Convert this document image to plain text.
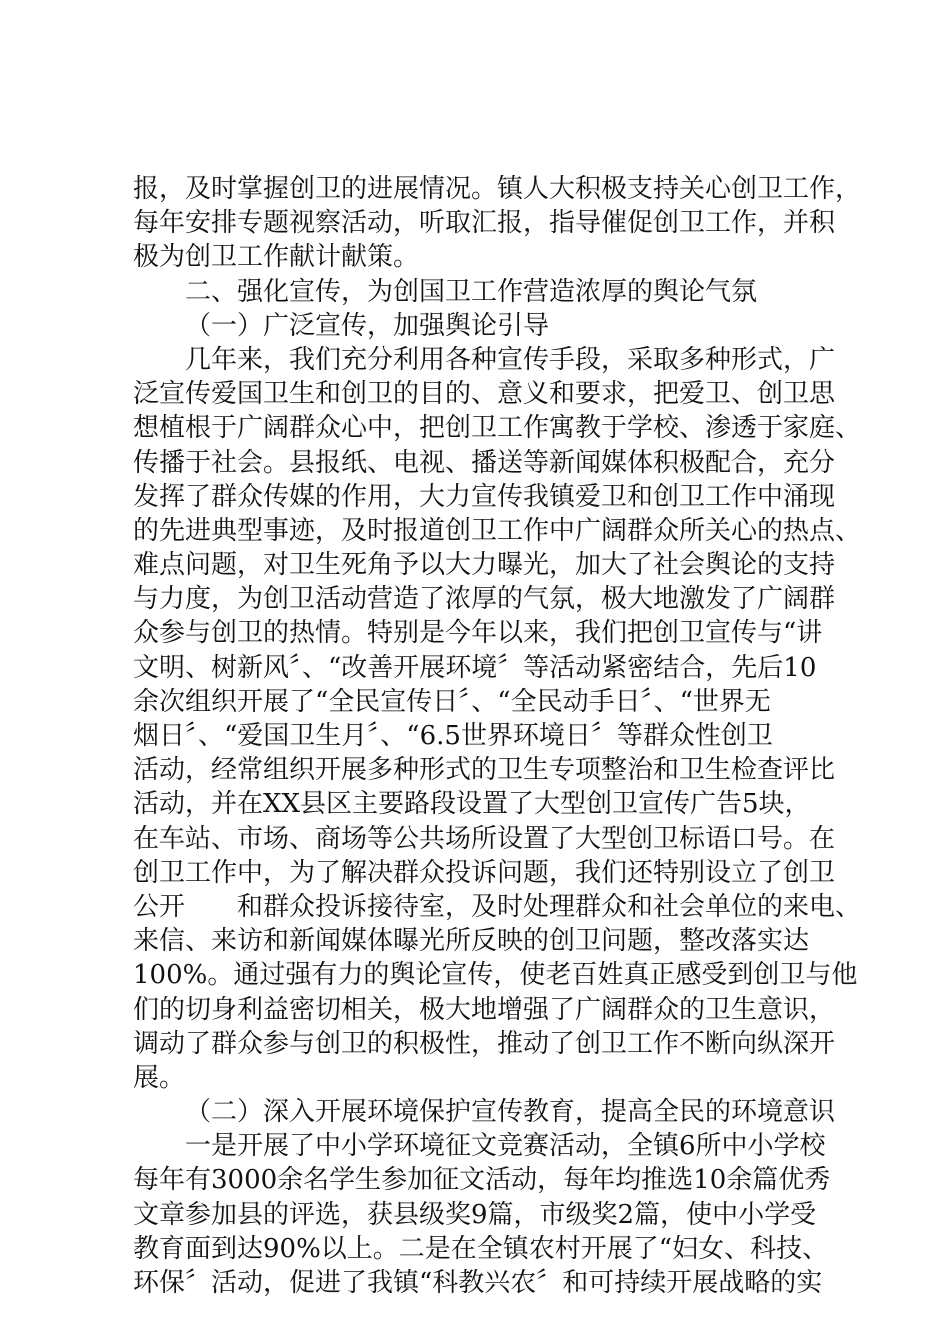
报，及时掌握创卫的进展情况。镇人大积极支持关心创卫工作，
每年安排专题视察活动，听取汇报，指导催促创卫工作，并积
极为创卫工作献计献策。
二、强化宣传，为创国卫工作营造浓厚的舆论气氛
（一）广泛宣传，加强舆论引导
几年来，我们充分利用各种宣传手段，采取多种形式，广
泛宣传爱国卫生和创卫的目的、意义和要求，把爱卫、创卫思
想植根于广阔群众心中，把创卫工作寓教于学校、渗透于家庭、
传播于社会。县报纸、电视、播送等新闻媒体积极配合，充分
发挥了群众传媒的作用，大力宣传我镇爱卫和创卫工作中涌现
的先进典型事迹，及时报道创卫工作中广阔群众所关心的热点、
难点问题，对卫生死角予以大力曝光，加大了社会舆论的支持
与力度，为创卫活动营造了浓厚的气氛，极大地激发了广阔群
众参与创卫的热情。特别是今年以来，我们把创卫宣传与“讲
文明、树新风〞、“改善开展环境〞等活动紧密结合，先后10
余次组织开展了“全民宣传日〞、“全民动手日〞、“世界无
烟日〞、“爱国卫生月〞、“6.5世界环境日〞等群众性创卫
活动，经常组织开展多种形式的卫生专项整治和卫生检查评比
活动，并在XX县区主要路段设置了大型创卫宣传广告5块，
在车站、市场、商场等公共场所设置了大型创卫标语口号。在
创卫工作中，为了解决群众投诉问题，我们还特别设立了创卫
公开　　和群众投诉接待室，及时处理群众和社会单位的来电、
来信、来访和新闻媒体曝光所反映的创卫问题，整改落实达
100%。通过强有力的舆论宣传，使老百姓真正感受到创卫与他
们的切身利益密切相关，极大地增强了广阔群众的卫生意识，
调动了群众参与创卫的积极性，推动了创卫工作不断向纵深开
展。
（二）深入开展环境保护宣传教育，提高全民的环境意识
一是开展了中小学环境征文竞赛活动，全镇6所中小学校
每年有3000余名学生参加征文活动，每年均推选10余篇优秀
文章参加县的评选，获县级奖9篇，市级奖2篇，使中小学受
教育面到达90%以上。二是在全镇农村开展了“妇女、科技、
环保〞活动，促进了我镇“科教兴农〞和可持续开展战略的实
